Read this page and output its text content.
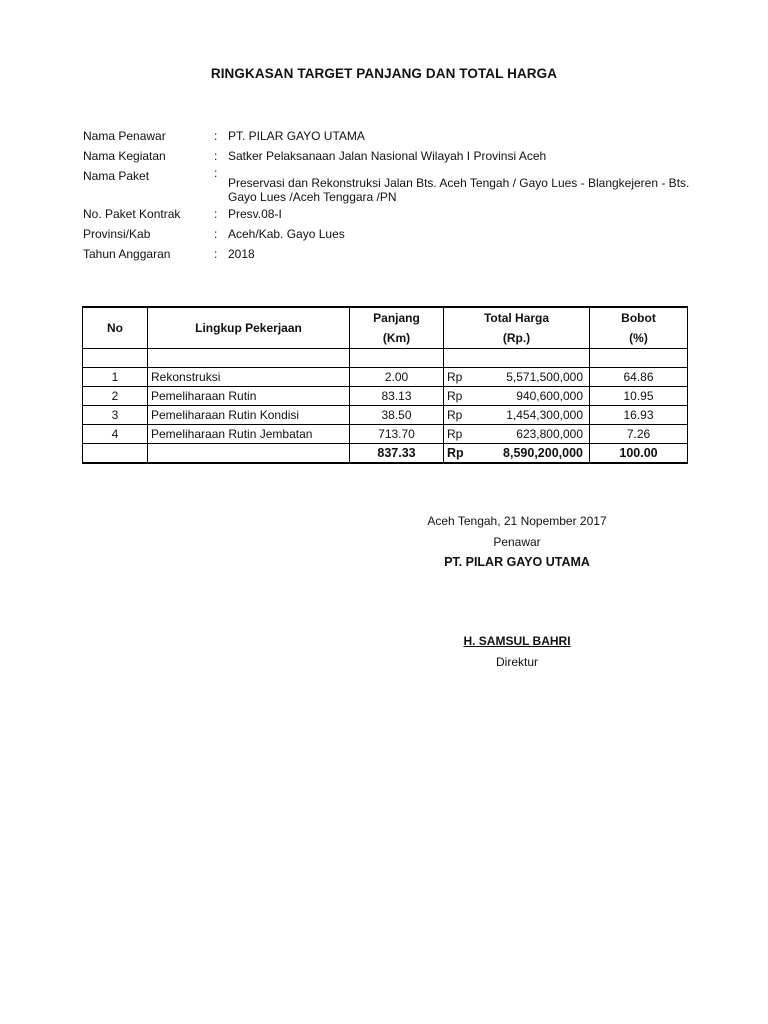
RINGKASAN TARGET PANJANG DAN TOTAL HARGA
Nama Penawar	: PT. PILAR GAYO UTAMA
Nama Kegiatan	: Satker Pelaksanaan Jalan Nasional Wilayah I Provinsi Aceh
Nama Paket	:
Preservasi dan Rekonstruksi Jalan Bts. Aceh Tengah / Gayo Lues - Blangkejeren - Bts. Gayo Lues /Aceh Tenggara /PN
No. Paket Kontrak	: Presv.08-I
Provinsi/Kab	: Aceh/Kab. Gayo Lues
Tahun Anggaran	: 2018
No	Lingkup Pekerjaan	Panjang	Total Harga		Bobot
		(Km)	(Rp.)		(%)

1	Rekonstruksi	2.00	Rp	5,571,500,000	64.86
2	Pemeliharaan Rutin	83.13	Rp	940,600,000	10.95
3	Pemeliharaan Rutin Kondisi	38.50	Rp	1,454,300,000	16.93
4	Pemeliharaan Rutin Jembatan	713.70	Rp	623,800,000	7.26
		837.33	Rp	8,590,200,000	100.00
Aceh Tengah, 21 Nopember 2017
Penawar
PT. PILAR GAYO UTAMA
H. SAMSUL BAHRI
Direktur
